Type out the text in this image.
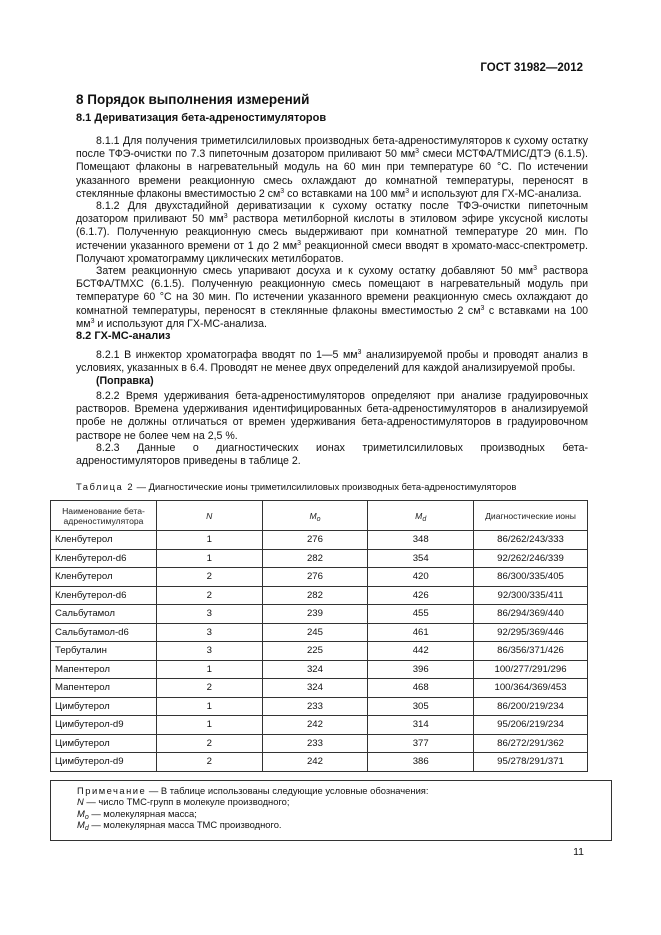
ГОСТ 31982—2012
8 Порядок выполнения измерений
8.1 Дериватизация бета-адреностимуляторов

8.1.1 Для получения триметилсилиловых производных бета-адреностимуляторов к сухому остатку после ТФЭ-очистки по 7.3 пипеточным дозатором приливают 50 $мм^3$ смеси МСТФА/ТМИС/ДТЭ (6.1.5). Помещают флаконы в нагревательный модуль на 60 мин при температуре 60 °С. По истечении указанного времени реакционную смесь охлаждают до комнатной температуры, переносят в стеклянные флаконы вместимостью 2 $см^3$ со вставками на 100 $мм^3$ и используют для ГХ-МС-анализа.

8.1.2 Для двухстадийной дериватизации к сухому остатку после ТФЭ-очистки пипеточным дозатором приливают 50 $мм^3$ раствора метилборной кислоты в этиловом эфире уксусной кислоты (6.1.7). Полученную реакционную смесь выдерживают при комнатной температуре 20 мин. По истечении указанного времени от 1 до 2 $мм^3$ реакционной смеси вводят в хромато-масс-спектрометр. Получают хроматограмму циклических метилборатов.

Затем реакционную смесь упаривают досуха и к сухому остатку добавляют 50 $мм^3$ раствора БСТФА/ТМХС (6.1.5). Полученную реакционную смесь помещают в нагревательный модуль при температуре 60 °С на 30 мин. По истечении указанного времени реакционную смесь охлаждают до комнатной температуры, переносят в стеклянные флаконы вместимостью 2 $см^3$ с вставками на 100 $мм^3$ и используют для ГХ-МС-анализа.

8.2 ГХ-МС-анализ

8.2.1 В инжектор хроматографа вводят по 1—5 $мм^3$ анализируемой пробы и проводят анализ в условиях, указанных в 6.4. Проводят не менее двух определений для каждой анализируемой пробы.

(Поправка)

8.2.2 Время удерживания бета-адреностимуляторов определяют при анализе градуировочных растворов. Времена удерживания идентифицированных бета-адреностимуляторов в анализируемой пробе не должны отличаться от времен удерживания бета-адреностимуляторов в градуировочном растворе не более чем на 2,5 %.

8.2.3 Данные о диагностических ионах триметилсилиловых производных бета-адреностимуляторов приведены в таблице 2.

Таблица 2 — Диагностические ионы триметилсилиловых производных бета-адреностимуляторов
Наименование бета-адреностимулятора	N	$M_o$	$M_d$	Диагностические ионы
Кленбутерол	1	276	348	86/262/243/333
Кленбутерол-d6	1	282	354	92/262/246/339
Кленбутерол	2	276	420	86/300/335/405
Кленбутерол-d6	2	282	426	92/300/335/411
Сальбутамол	3	239	455	86/294/369/440
Сальбутамол-d6	3	245	461	92/295/369/446
Тербуталин	3	225	442	86/356/371/426
Мапентерол	1	324	396	100/277/291/296
Мапентерол	2	324	468	100/364/369/453
Цимбутерол	1	233	305	86/200/219/234
Цимбутерол-d9	1	242	314	95/206/219/234
Цимбутерол	2	233	377	86/272/291/362
Цимбутерол-d9	2	242	386	95/278/291/371
Примечание — В таблице использованы следующие условные обозначения:
N — число ТМС-групп в молекуле производного;
$M_o$ — молекулярная масса;
$M_d$ — молекулярная масса ТМС производного.
11
